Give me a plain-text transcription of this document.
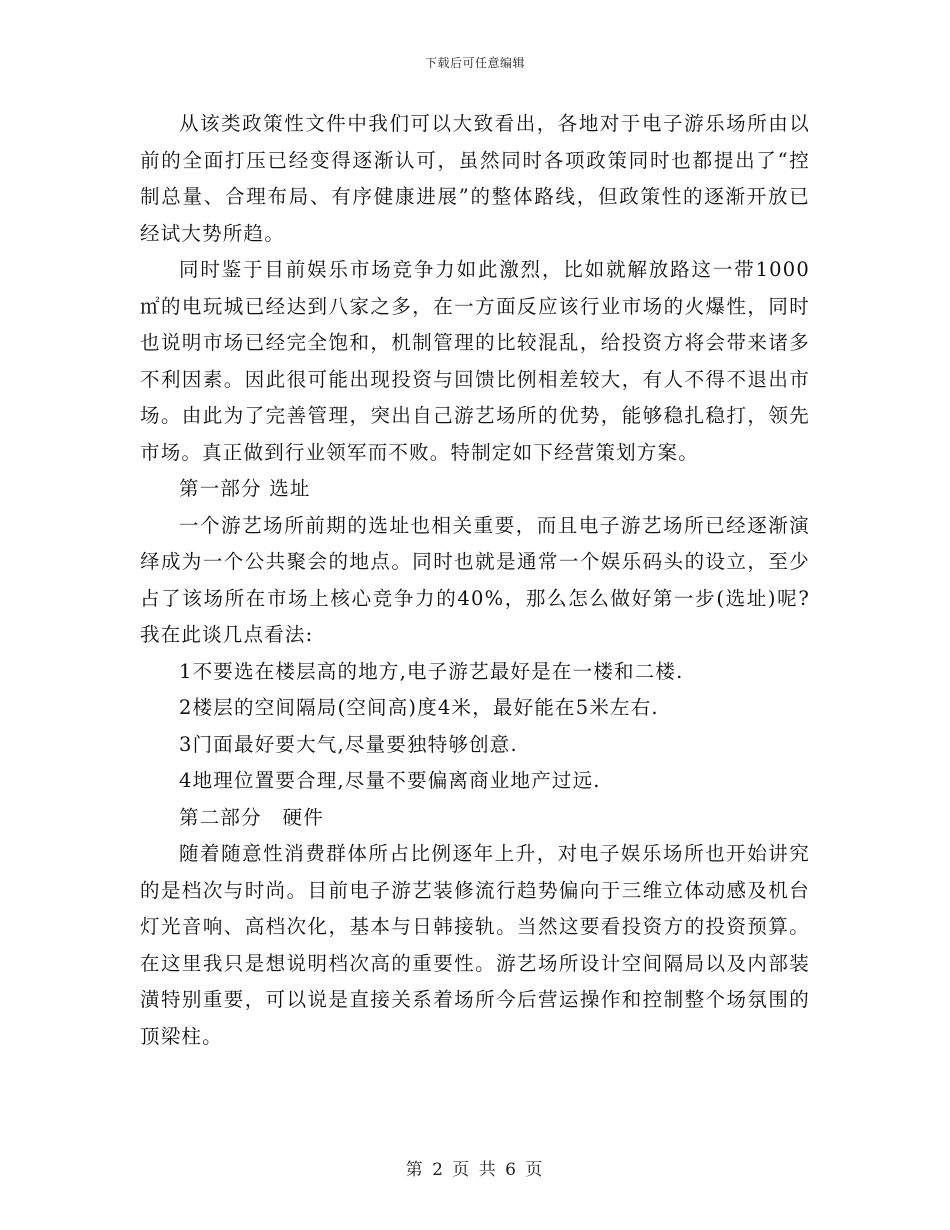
下载后可任意编辑

从该类政策性文件中我们可以大致看出，各地对于电子游乐场所由以前的全面打压已经变得逐渐认可，虽然同时各项政策同时也都提出了“控制总量、合理布局、有序健康进展”的整体路线，但政策性的逐渐开放已经试大势所趋。

同时鉴于目前娱乐市场竞争力如此激烈，比如就解放路这一带1000㎡的电玩城已经达到八家之多，在一方面反应该行业市场的火爆性，同时也说明市场已经完全饱和，机制管理的比较混乱，给投资方将会带来诸多不利因素。因此很可能出现投资与回馈比例相差较大，有人不得不退出市场。由此为了完善管理，突出自己游艺场所的优势，能够稳扎稳打，领先市场。真正做到行业领军而不败。特制定如下经营策划方案。

第一部分 选址

一个游艺场所前期的选址也相关重要，而且电子游艺场所已经逐渐演绎成为一个公共聚会的地点。同时也就是通常一个娱乐码头的设立，至少占了该场所在市场上核心竞争力的40%，那么怎么做好第一步(选址)呢?我在此谈几点看法:

1不要选在楼层高的地方,电子游艺最好是在一楼和二楼.

2楼层的空间隔局(空间高)度4米，最好能在5米左右.

3门面最好要大气,尽量要独特够创意.

4地理位置要合理,尽量不要偏离商业地产过远.

第二部分　硬件

随着随意性消费群体所占比例逐年上升，对电子娱乐场所也开始讲究的是档次与时尚。目前电子游艺装修流行趋势偏向于三维立体动感及机台灯光音响、高档次化，基本与日韩接轨。当然这要看投资方的投资预算。在这里我只是想说明档次高的重要性。游艺场所设计空间隔局以及内部装潢特别重要，可以说是直接关系着场所今后营运操作和控制整个场氛围的顶梁柱。

第 2 页 共 6 页
